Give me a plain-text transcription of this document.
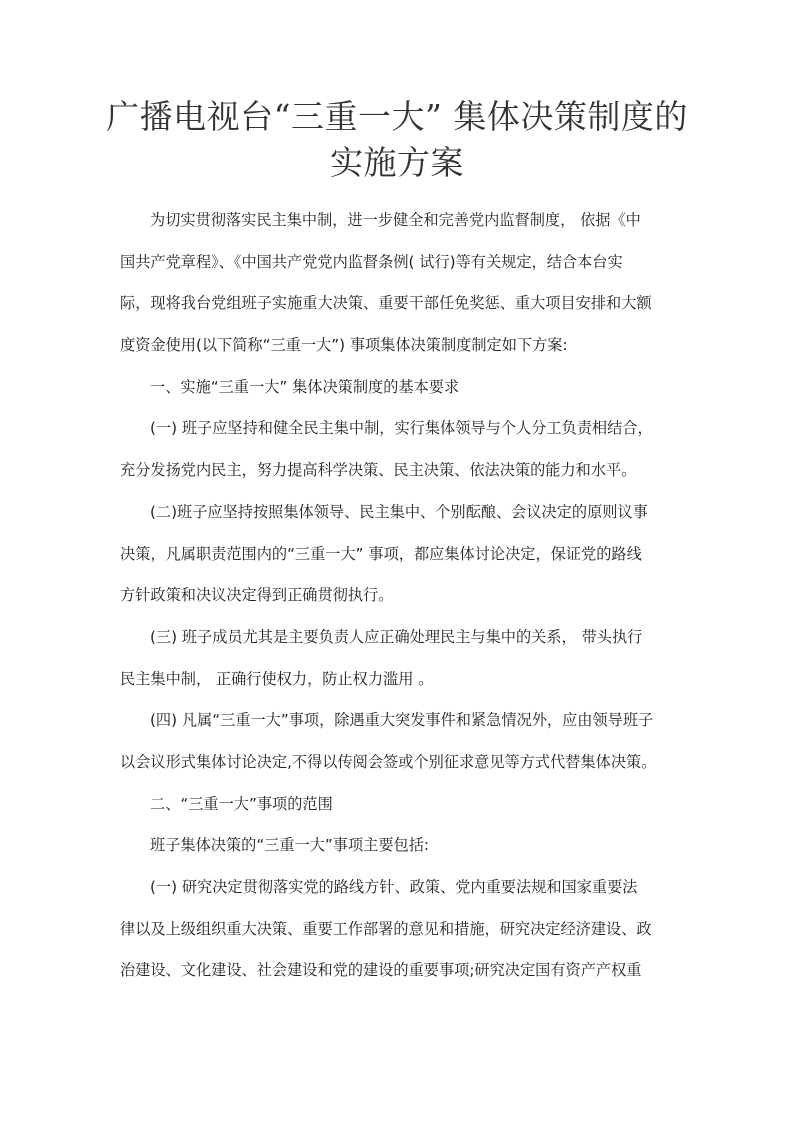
广播电视台“三重一大” 集体决策制度的
实施方案
为切实贯彻落实民主集中制，进一步健全和完善党内监督制度， 依据《中
国共产党章程》、《中国共产党党内监督条例( 试行)等有关规定，结合本台实
际，现将我台党组班子实施重大决策、重要干部任免奖惩、重大项目安排和大额
度资金使用(以下简称“三重一大”) 事项集体决策制度制定如下方案:
一、实施“三重一大” 集体决策制度的基本要求
(一) 班子应坚持和健全民主集中制，实行集体领导与个人分工负责相结合，
充分发扬党内民主，努力提高科学决策、民主决策、依法决策的能力和水平。
(二)班子应坚持按照集体领导、民主集中、个别酝酿、会议决定的原则议事
决策，凡属职责范围内的“三重一大” 事项，都应集体讨论决定，保证党的路线
方针政策和决议决定得到正确贯彻执行。
(三) 班子成员尤其是主要负责人应正确处理民主与集中的关系， 带头执行
民主集中制， 正确行使权力，防止权力滥用 。
(四) 凡属“三重一大”事项，除遇重大突发事件和紧急情况外，应由领导班子
以会议形式集体讨论决定,不得以传阅会签或个别征求意见等方式代替集体决策。
二、“三重一大”事项的范围
班子集体决策的“三重一大”事项主要包括:
(一) 研究决定贯彻落实党的路线方针、政策、党内重要法规和国家重要法
律以及上级组织重大决策、重要工作部署的意见和措施，研究决定经济建设、政
治建设、文化建设、社会建设和党的建设的重要事项;研究决定国有资产产权重
